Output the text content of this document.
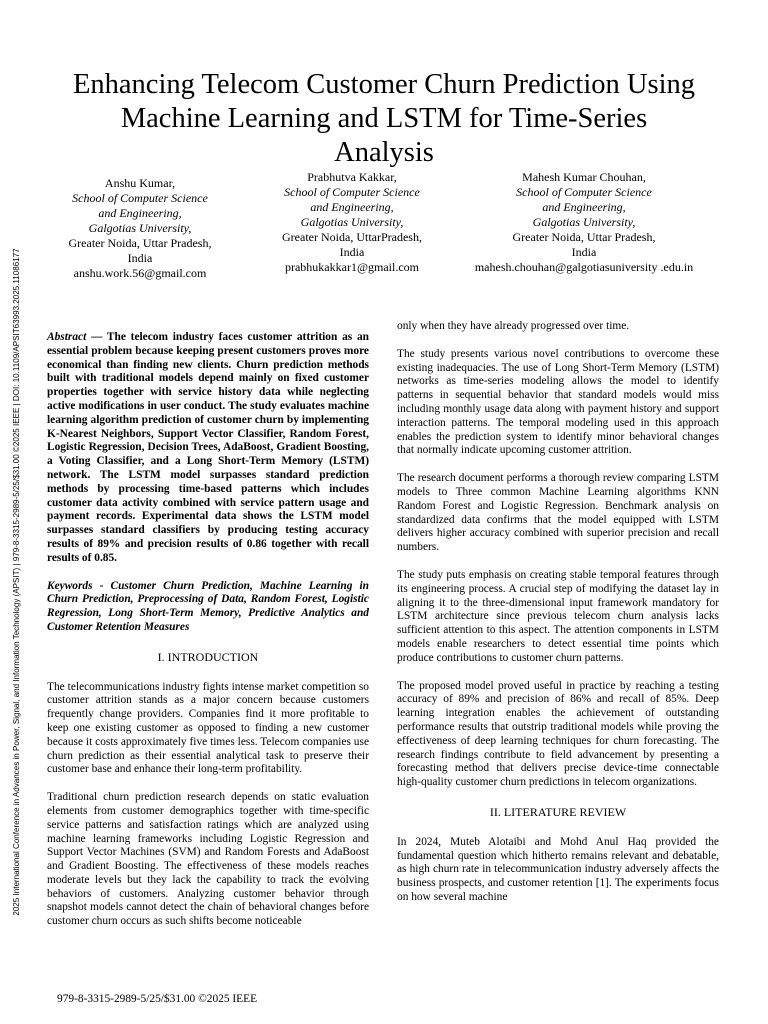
2025 International Conference in Advances in Power, Signal, and Information Technology (APSIT) | 979-8-3315-2989-5/25/$31.00 ©2025 IEEE | DOI: 10.1109/APSIT63993.2025.11086177
Enhancing Telecom Customer Churn Prediction Using Machine Learning and LSTM for Time-Series Analysis
Anshu Kumar,
School of Computer Science
and Engineering,
Galgotias University,
Greater Noida, Uttar Pradesh,
India
anshu.work.56@gmail.com
Prabhutva Kakkar,
School of Computer Science
and Engineering,
Galgotias University,
Greater Noida, UttarPradesh,
India
prabhukakkar1@gmail.com
Mahesh Kumar Chouhan,
School of Computer Science
and Engineering,
Galgotias University,
Greater Noida, Uttar Pradesh,
India
mahesh.chouhan@galgotiasuniversity .edu.in

Abstract — The telecom industry faces customer attrition as an essential problem because keeping present customers proves more economical than finding new clients. Churn prediction methods built with traditional models depend mainly on fixed customer properties together with service history data while neglecting active modifications in user conduct. The study evaluates machine learning algorithm prediction of customer churn by implementing K-Nearest Neighbors, Support Vector Classifier, Random Forest, Logistic Regression, Decision Trees, AdaBoost, Gradient Boosting, a Voting Classifier, and a Long Short-Term Memory (LSTM) network. The LSTM model surpasses standard prediction methods by processing time-based patterns which includes customer data activity combined with service pattern usage and payment records. Experimental data shows the LSTM model surpasses standard classifiers by producing testing accuracy results of 89% and precision results of 0.86 together with recall results of 0.85.

Keywords - Customer Churn Prediction, Machine Learning in Churn Prediction, Preprocessing of Data, Random Forest, Logistic Regression, Long Short-Term Memory, Predictive Analytics and Customer Retention Measures

I. INTRODUCTION

The telecommunications industry fights intense market competition so customer attrition stands as a major concern because customers frequently change providers. Companies find it more profitable to keep one existing customer as opposed to finding a new customer because it costs approximately five times less. Telecom companies use churn prediction as their essential analytical task to preserve their customer base and enhance their long-term profitability.

Traditional churn prediction research depends on static evaluation elements from customer demographics together with time-specific service patterns and satisfaction ratings which are analyzed using machine learning frameworks including Logistic Regression and Support Vector Machines (SVM) and Random Forests and AdaBoost and Gradient Boosting. The effectiveness of these models reaches moderate levels but they lack the capability to track the evolving behaviors of customers. Analyzing customer behavior through snapshot models cannot detect the chain of behavioral changes before customer churn occurs as such shifts become noticeable

only when they have already progressed over time.

The study presents various novel contributions to overcome these existing inadequacies. The use of Long Short-Term Memory (LSTM) networks as time-series modeling allows the model to identify patterns in sequential behavior that standard models would miss including monthly usage data along with payment history and support interaction patterns. The temporal modeling used in this approach enables the prediction system to identify minor behavioral changes that normally indicate upcoming customer attrition.

The research document performs a thorough review comparing LSTM models to Three common Machine Learning algorithms KNN Random Forest and Logistic Regression. Benchmark analysis on standardized data confirms that the model equipped with LSTM delivers higher accuracy combined with superior precision and recall numbers.

The study puts emphasis on creating stable temporal features through its engineering process. A crucial step of modifying the dataset lay in aligning it to the three-dimensional input framework mandatory for LSTM architecture since previous telecom churn analysis lacks sufficient attention to this aspect. The attention components in LSTM models enable researchers to detect essential time points which produce contributions to customer churn patterns.

The proposed model proved useful in practice by reaching a testing accuracy of 89% and precision of 86% and recall of 85%. Deep learning integration enables the achievement of outstanding performance results that outstrip traditional models while proving the effectiveness of deep learning techniques for churn forecasting. The research findings contribute to field advancement by presenting a forecasting method that delivers precise device-time connectable high-quality customer churn predictions in telecom organizations.

II. LITERATURE REVIEW

In 2024, Muteb Alotaibi and Mohd Anul Haq provided the fundamental question which hitherto remains relevant and debatable, as high churn rate in telecommunication industry adversely affects the business prospects, and customer retention [1]. The experiments focus on how several machine

979-8-3315-2989-5/25/$31.00 ©2025 IEEE
